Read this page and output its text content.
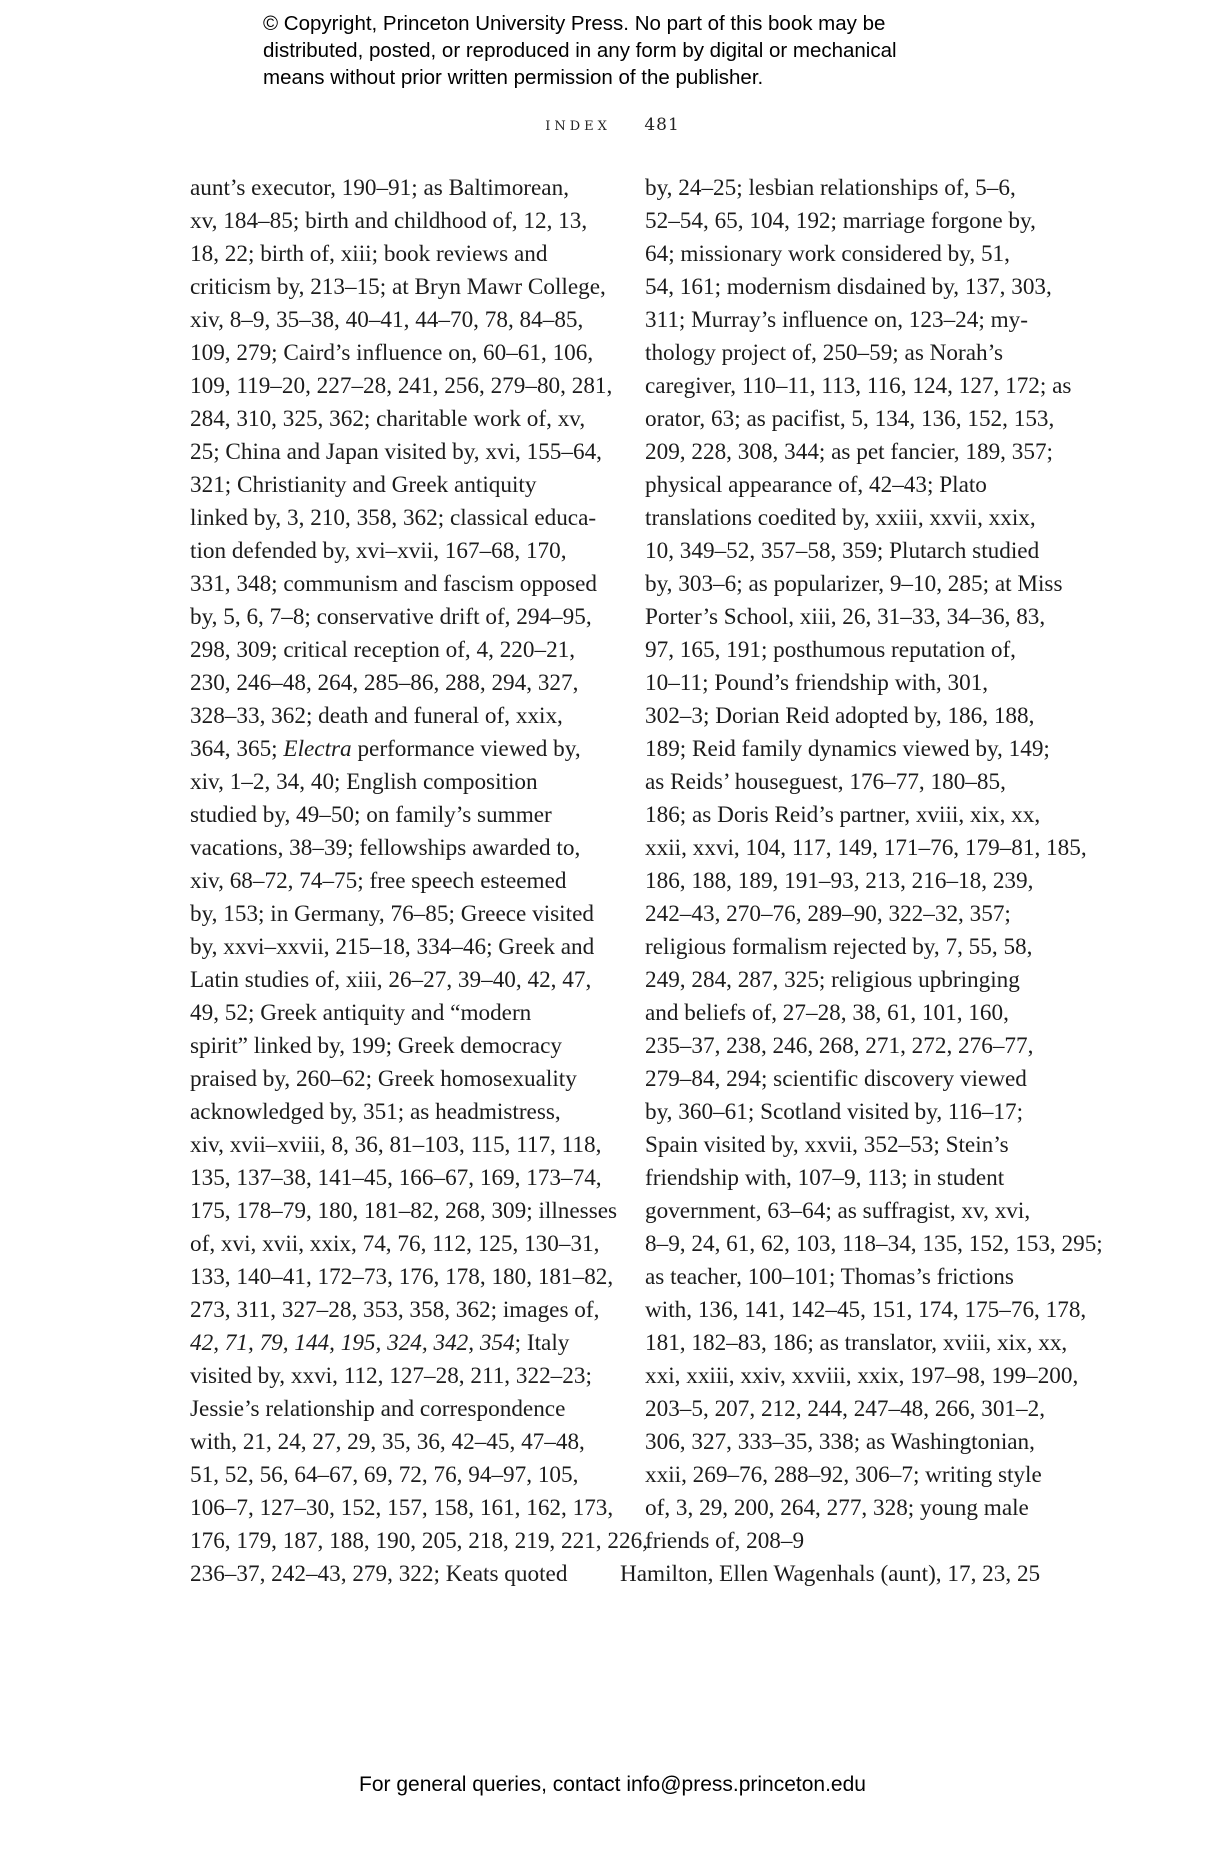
© Copyright, Princeton University Press. No part of this book may be
distributed, posted, or reproduced in any form by digital or mechanical
means without prior written permission of the publisher.
index 481
aunt’s executor, 190–91; as Baltimorean,
xv, 184–85; birth and childhood of, 12, 13,
18, 22; birth of, xiii; book reviews and
criticism by, 213–15; at Bryn Mawr College,
xiv, 8–9, 35–38, 40–41, 44–70, 78, 84–85,
109, 279; Caird’s influence on, 60–61, 106,
109, 119–20, 227–28, 241, 256, 279–80, 281,
284, 310, 325, 362; charitable work of, xv,
25; China and Japan visited by, xvi, 155–64,
321; Christianity and Greek antiquity
linked by, 3, 210, 358, 362; classical educa-
tion defended by, xvi–xvii, 167–68, 170,
331, 348; communism and fascism opposed
by, 5, 6, 7–8; conservative drift of, 294–95,
298, 309; critical reception of, 4, 220–21,
230, 246–48, 264, 285–86, 288, 294, 327,
328–33, 362; death and funeral of, xxix,
364, 365; Electra performance viewed by,
xiv, 1–2, 34, 40; English composition
studied by, 49–50; on family’s summer
vacations, 38–39; fellowships awarded to,
xiv, 68–72, 74–75; free speech esteemed
by, 153; in Germany, 76–85; Greece visited
by, xxvi–xxvii, 215–18, 334–46; Greek and
Latin studies of, xiii, 26–27, 39–40, 42, 47,
49, 52; Greek antiquity and “modern
spirit” linked by, 199; Greek democracy
praised by, 260–62; Greek homosexuality
acknowledged by, 351; as headmistress,
xiv, xvii–xviii, 8, 36, 81–103, 115, 117, 118,
135, 137–38, 141–45, 166–67, 169, 173–74,
175, 178–79, 180, 181–82, 268, 309; illnesses
of, xvi, xvii, xxix, 74, 76, 112, 125, 130–31,
133, 140–41, 172–73, 176, 178, 180, 181–82,
273, 311, 327–28, 353, 358, 362; images of,
42, 71, 79, 144, 195, 324, 342, 354; Italy
visited by, xxvi, 112, 127–28, 211, 322–23;
Jessie’s relationship and correspondence
with, 21, 24, 27, 29, 35, 36, 42–45, 47–48,
51, 52, 56, 64–67, 69, 72, 76, 94–97, 105,
106–7, 127–30, 152, 157, 158, 161, 162, 173,
176, 179, 187, 188, 190, 205, 218, 219, 221, 226,
236–37, 242–43, 279, 322; Keats quoted
by, 24–25; lesbian relationships of, 5–6,
52–54, 65, 104, 192; marriage forgone by,
64; missionary work considered by, 51,
54, 161; modernism disdained by, 137, 303,
311; Murray’s influence on, 123–24; my-
thology project of, 250–59; as Norah’s
caregiver, 110–11, 113, 116, 124, 127, 172; as
orator, 63; as pacifist, 5, 134, 136, 152, 153,
209, 228, 308, 344; as pet fancier, 189, 357;
physical appearance of, 42–43; Plato
translations coedited by, xxiii, xxvii, xxix,
10, 349–52, 357–58, 359; Plutarch studied
by, 303–6; as popularizer, 9–10, 285; at Miss
Porter’s School, xiii, 26, 31–33, 34–36, 83,
97, 165, 191; posthumous reputation of,
10–11; Pound’s friendship with, 301,
302–3; Dorian Reid adopted by, 186, 188,
189; Reid family dynamics viewed by, 149;
as Reids’ houseguest, 176–77, 180–85,
186; as Doris Reid’s partner, xviii, xix, xx,
xxii, xxvi, 104, 117, 149, 171–76, 179–81, 185,
186, 188, 189, 191–93, 213, 216–18, 239,
242–43, 270–76, 289–90, 322–32, 357;
religious formalism rejected by, 7, 55, 58,
249, 284, 287, 325; religious upbringing
and beliefs of, 27–28, 38, 61, 101, 160,
235–37, 238, 246, 268, 271, 272, 276–77,
279–84, 294; scientific discovery viewed
by, 360–61; Scotland visited by, 116–17;
Spain visited by, xxvii, 352–53; Stein’s
friendship with, 107–9, 113; in student
government, 63–64; as suffragist, xv, xvi,
8–9, 24, 61, 62, 103, 118–34, 135, 152, 153, 295;
as teacher, 100–101; Thomas’s frictions
with, 136, 141, 142–45, 151, 174, 175–76, 178,
181, 182–83, 186; as translator, xviii, xix, xx,
xxi, xxiii, xxiv, xxviii, xxix, 197–98, 199–200,
203–5, 207, 212, 244, 247–48, 266, 301–2,
306, 327, 333–35, 338; as Washingtonian,
xxii, 269–76, 288–92, 306–7; writing style
of, 3, 29, 200, 264, 277, 328; young male
friends of, 208–9
Hamilton, Ellen Wagenhals (aunt), 17, 23, 25
For general queries, contact info@press.princeton.edu
